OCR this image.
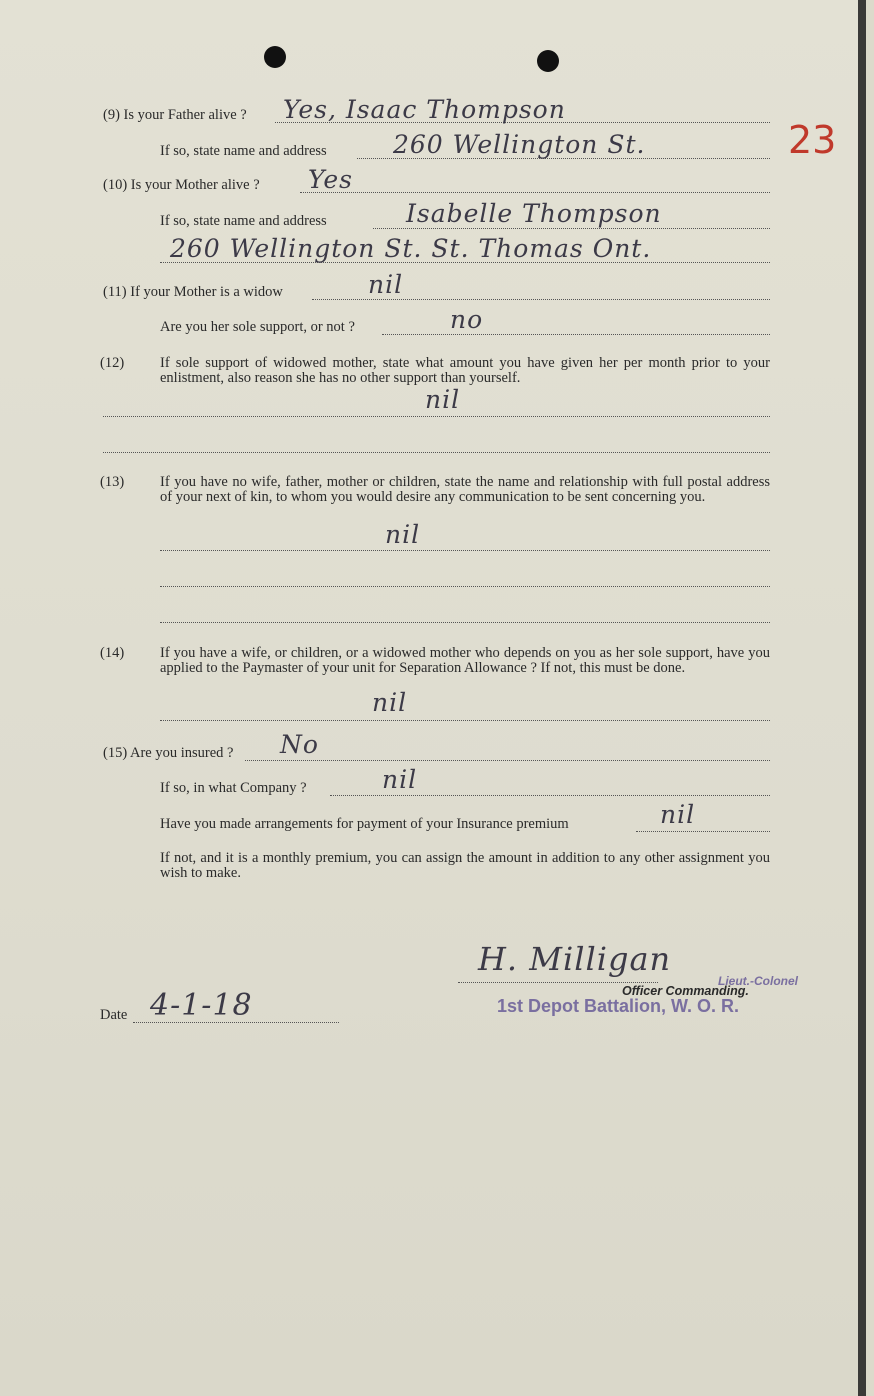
23
(9) Is your Father alive ? Yes, Isaac Thompson
If so, state name and address	260 Wellington St.
(10) Is your Mother alive ? Yes
If so, state name and address	Isabelle Thompson
260 Wellington St. St. Thomas Ont.
(11) If your Mother is a widow	nil
Are you her sole support, or not ?	no
(12) If sole support of widowed mother, state what amount you have given her per month prior to your enlistment, also reason she has no other support than yourself.
nil
(13) If you have no wife, father, mother or children, state the name and relationship with full postal address of your next of kin, to whom you would desire any communication to be sent concerning you.
nil
(14) If you have a wife, or children, or a widowed mother who depends on you as her sole support, have you applied to the Paymaster of your unit for Separation Allowance ? If not, this must be done.
nil
(15) Are you insured ? No
If so, in what Company ?	nil
Have you made arrangements for payment of your Insurance premium	nil
If not, and it is a monthly premium, you can assign the amount in addition to any other assignment you wish to make.
H. Milligan
Lieut.-Colonel
Officer Commanding.
1st Depot Battalion, W. O. R.
Date 4-1-18
